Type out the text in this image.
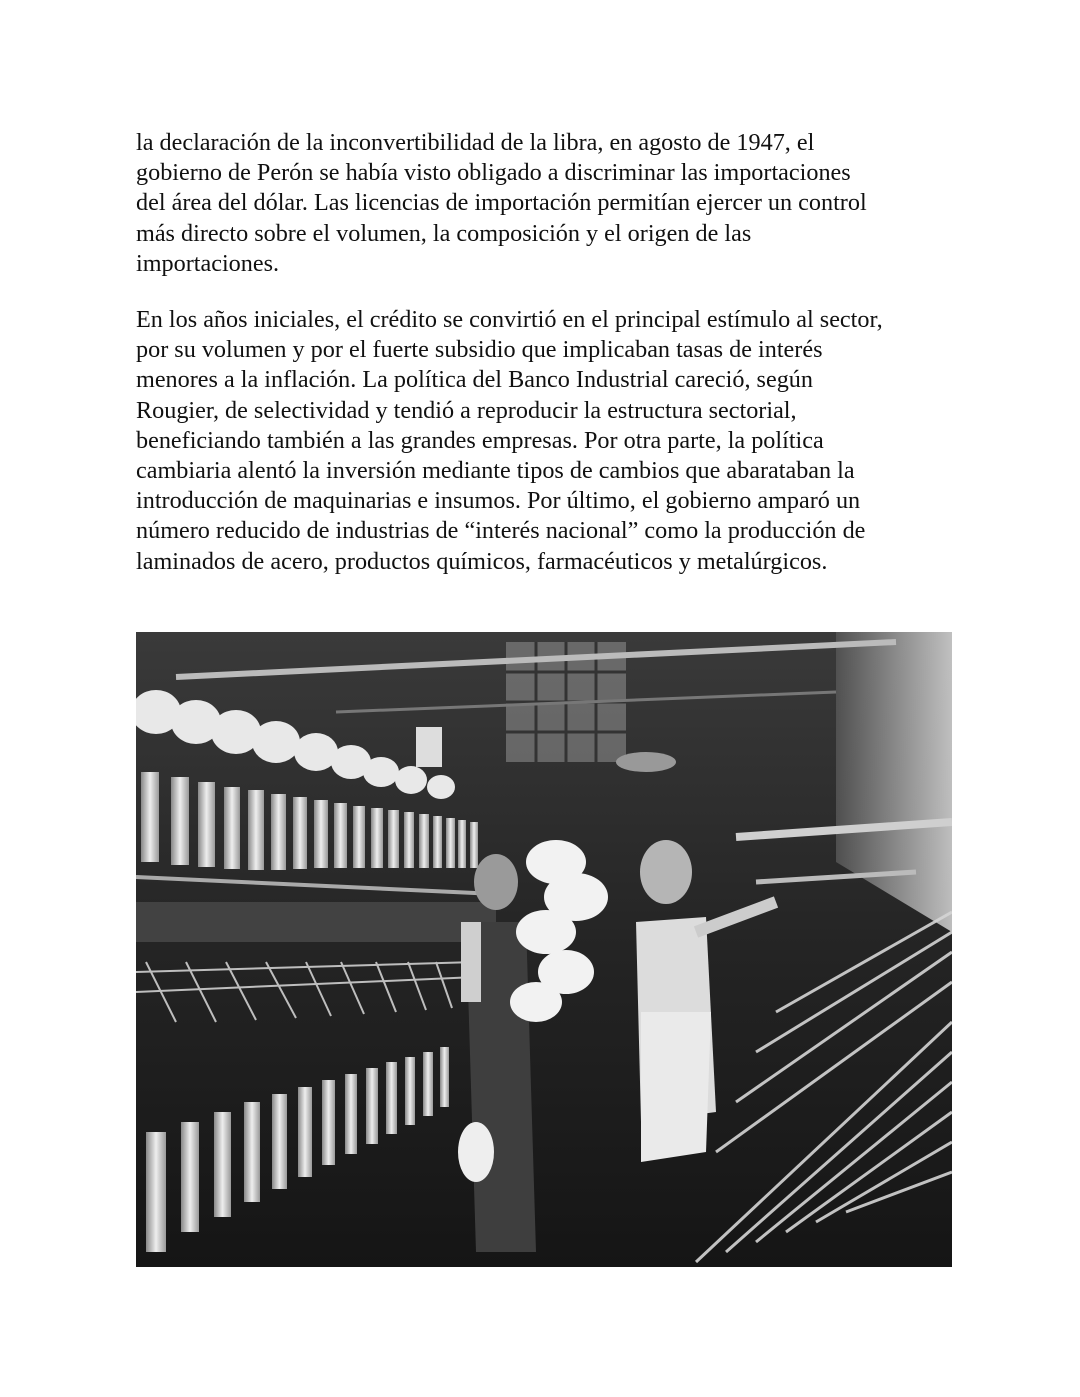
la declaración de la inconvertibilidad de la libra, en agosto de 1947, el
gobierno de Perón se había visto obligado a discriminar las importaciones
del área del dólar. Las licencias de importación permitían ejercer un control
más directo sobre el volumen, la composición y el origen de las
importaciones.

En los años iniciales, el crédito se convirtió en el principal estímulo al sector,
por su volumen y por el fuerte subsidio que implicaban tasas de interés
menores a la inflación. La política del Banco Industrial careció, según
Rougier, de selectividad y tendió a reproducir la estructura sectorial,
beneficiando también a las grandes empresas. Por otra parte, la política
cambiaria alentó la inversión mediante tipos de cambios que abarataban la
introducción de maquinarias e insumos. Por último, el gobierno amparó un
número reducido de industrias de “interés nacional” como la producción de
laminados de acero, productos químicos, farmacéuticos y metalúrgicos.
